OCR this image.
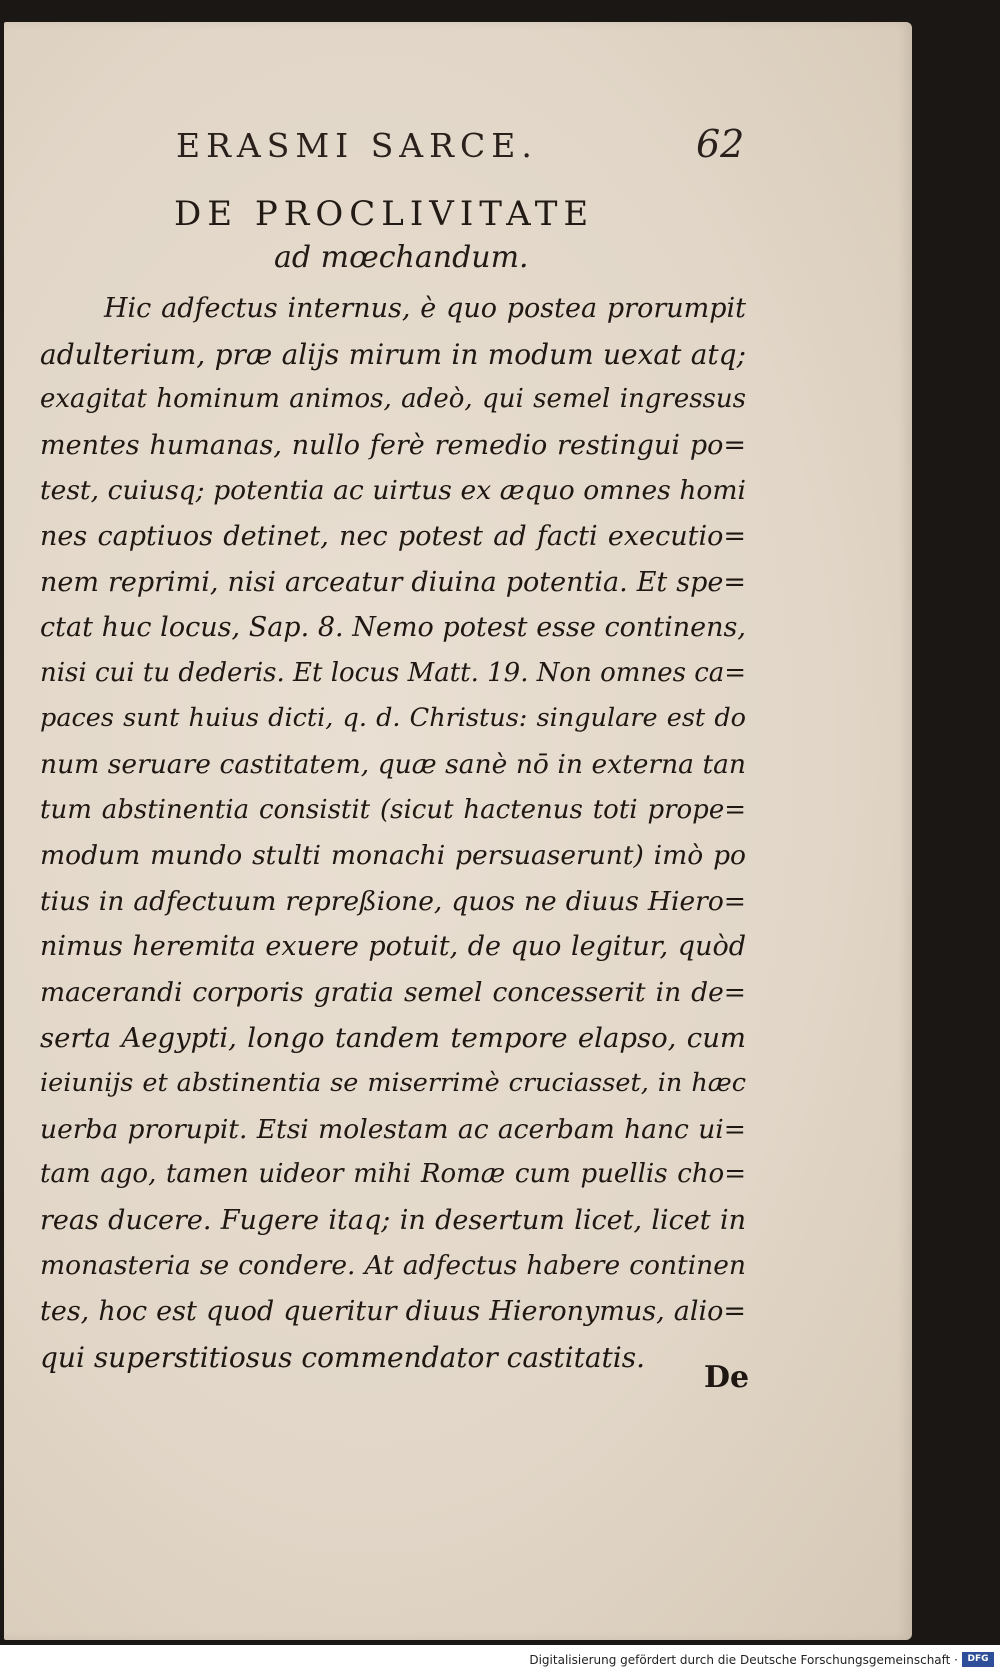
ERASMI SARCE.	62
DE PROCLIVITATE
ad mœchandum.
Hic adfectus internus, è quo postea prorumpit
adulterium, præ alijs mirum in modum uexat atq;
exagitat hominum animos, adeò, qui semel ingressus
mentes humanas, nullo ferè remedio restingui po=
test, cuiusq; potentia ac uirtus ex æquo omnes homi
nes captiuos detinet, nec potest ad facti executio=
nem reprimi, nisi arceatur diuina potentia. Et spe=
ctat huc locus, Sap. 8. Nemo potest esse continens,
nisi cui tu dederis. Et locus Matt. 19. Non omnes ca=
paces sunt huius dicti, q. d. Christus: singulare est do
num seruare castitatem, quæ sanè nō in externa tan
tum abstinentia consistit (sicut hactenus toti prope=
modum mundo stulti monachi persuaserunt) imò po
tius in adfectuum repreßione, quos ne diuus Hiero=
nimus heremita exuere potuit, de quo legitur, quòd
macerandi corporis gratia semel concesserit in de=
serta Aegypti, longo tandem tempore elapso, cum
ieiunijs et abstinentia se miserrimè cruciasset, in hæc
uerba prorupit. Etsi molestam ac acerbam hanc ui=
tam ago, tamen uideor mihi Romæ cum puellis cho=
reas ducere. Fugere itaq; in desertum licet, licet in
monasteria se condere. At adfectus habere continen
tes, hoc est quod queritur diuus Hieronymus, alio=
qui superstitiosus commendator castitatis.
De
Digitalisierung gefördert durch die Deutsche Forschungsgemeinschaft ·	DFG
